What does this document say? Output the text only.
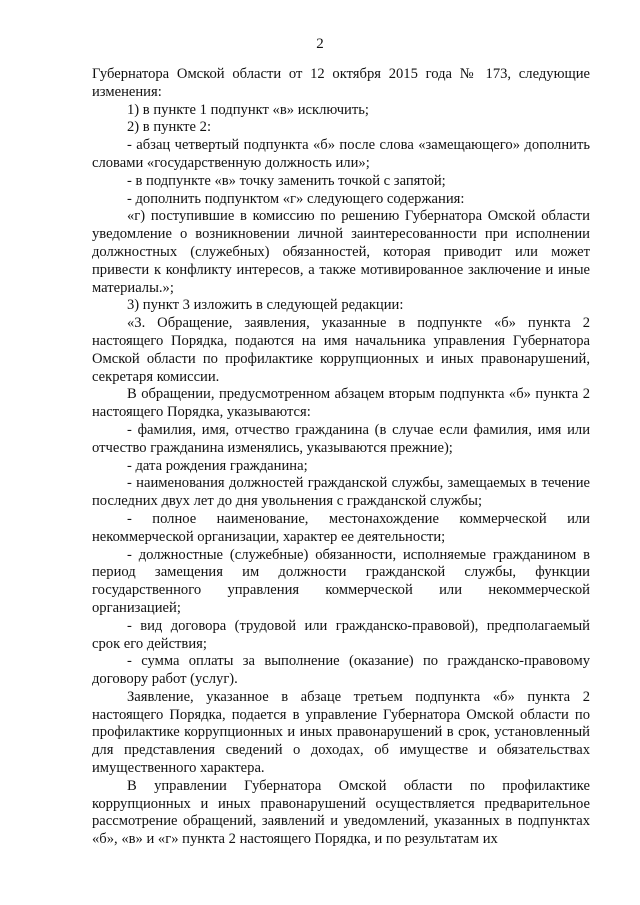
2

Губернатора Омской области от 12 октября 2015 года № 173, следующие изменения:

1) в пункте 1 подпункт «в» исключить;

2) в пункте 2:

- абзац четвертый подпункта «б» после слова «замещающего» дополнить словами «государственную должность или»;

- в подпункте «в» точку заменить точкой с запятой;

- дополнить подпунктом «г» следующего содержания:

«г) поступившие в комиссию по решению Губернатора Омской области уведомление о возникновении личной заинтересованности при исполнении должностных (служебных) обязанностей, которая приводит или может привести к конфликту интересов, а также мотивированное заключение и иные материалы.»;

3) пункт 3 изложить в следующей редакции:

«3. Обращение, заявления, указанные в подпункте «б» пункта 2 настоящего Порядка, подаются на имя начальника управления Губернатора Омской области по профилактике коррупционных и иных правонарушений, секретаря комиссии.

В обращении, предусмотренном абзацем вторым подпункта «б» пункта 2 настоящего Порядка, указываются:

- фамилия, имя, отчество гражданина (в случае если фамилия, имя или отчество гражданина изменялись, указываются прежние);

- дата рождения гражданина;

- наименования должностей гражданской службы, замещаемых в течение последних двух лет до дня увольнения с гражданской службы;

- полное наименование, местонахождение коммерческой или некоммерческой организации, характер ее деятельности;

- должностные (служебные) обязанности, исполняемые гражданином в период замещения им должности гражданской службы, функции государственного управления коммерческой или некоммерческой организацией;

- вид договора (трудовой или гражданско-правовой), предполагаемый срок его действия;

- сумма оплаты за выполнение (оказание) по гражданско-правовому договору работ (услуг).

Заявление, указанное в абзаце третьем подпункта «б» пункта 2 настоящего Порядка, подается в управление Губернатора Омской области по профилактике коррупционных и иных правонарушений в срок, установленный для представления сведений о доходах, об имуществе и обязательствах имущественного характера.

В управлении Губернатора Омской области по профилактике коррупционных и иных правонарушений осуществляется предварительное рассмотрение обращений, заявлений и уведомлений, указанных в подпунктах «б», «в» и «г» пункта 2 настоящего Порядка, и по результатам их
